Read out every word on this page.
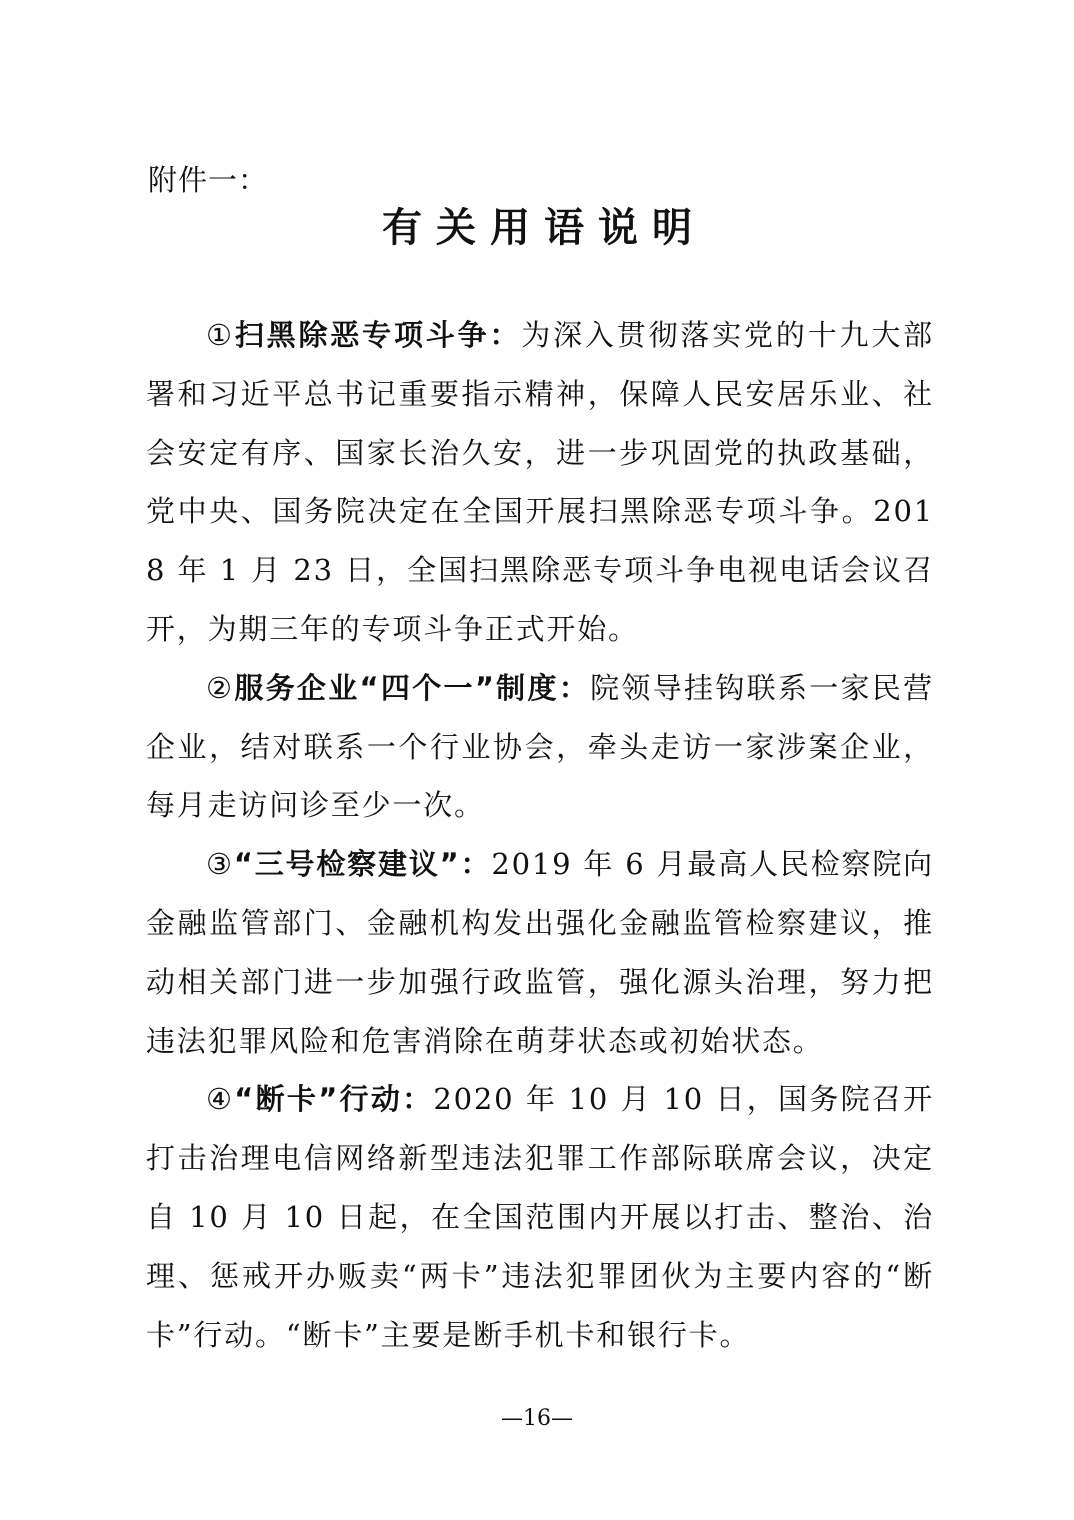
附件一：
有关用语说明

①扫黑除恶专项斗争：为深入贯彻落实党的十九大部署和习近平总书记重要指示精神，保障人民安居乐业、社会安定有序、国家长治久安，进一步巩固党的执政基础，党中央、国务院决定在全国开展扫黑除恶专项斗争。2018 年 1 月 23 日，全国扫黑除恶专项斗争电视电话会议召开，为期三年的专项斗争正式开始。

②服务企业“四个一”制度：院领导挂钩联系一家民营企业，结对联系一个行业协会，牵头走访一家涉案企业，每月走访问诊至少一次。

③“三号检察建议”：2019 年 6 月最高人民检察院向金融监管部门、金融机构发出强化金融监管检察建议，推动相关部门进一步加强行政监管，强化源头治理，努力把违法犯罪风险和危害消除在萌芽状态或初始状态。

④“断卡”行动：2020 年 10 月 10 日，国务院召开打击治理电信网络新型违法犯罪工作部际联席会议，决定自 10 月 10 日起，在全国范围内开展以打击、整治、治理、惩戒开办贩卖“两卡”违法犯罪团伙为主要内容的“断卡”行动。“断卡”主要是断手机卡和银行卡。

—16—
